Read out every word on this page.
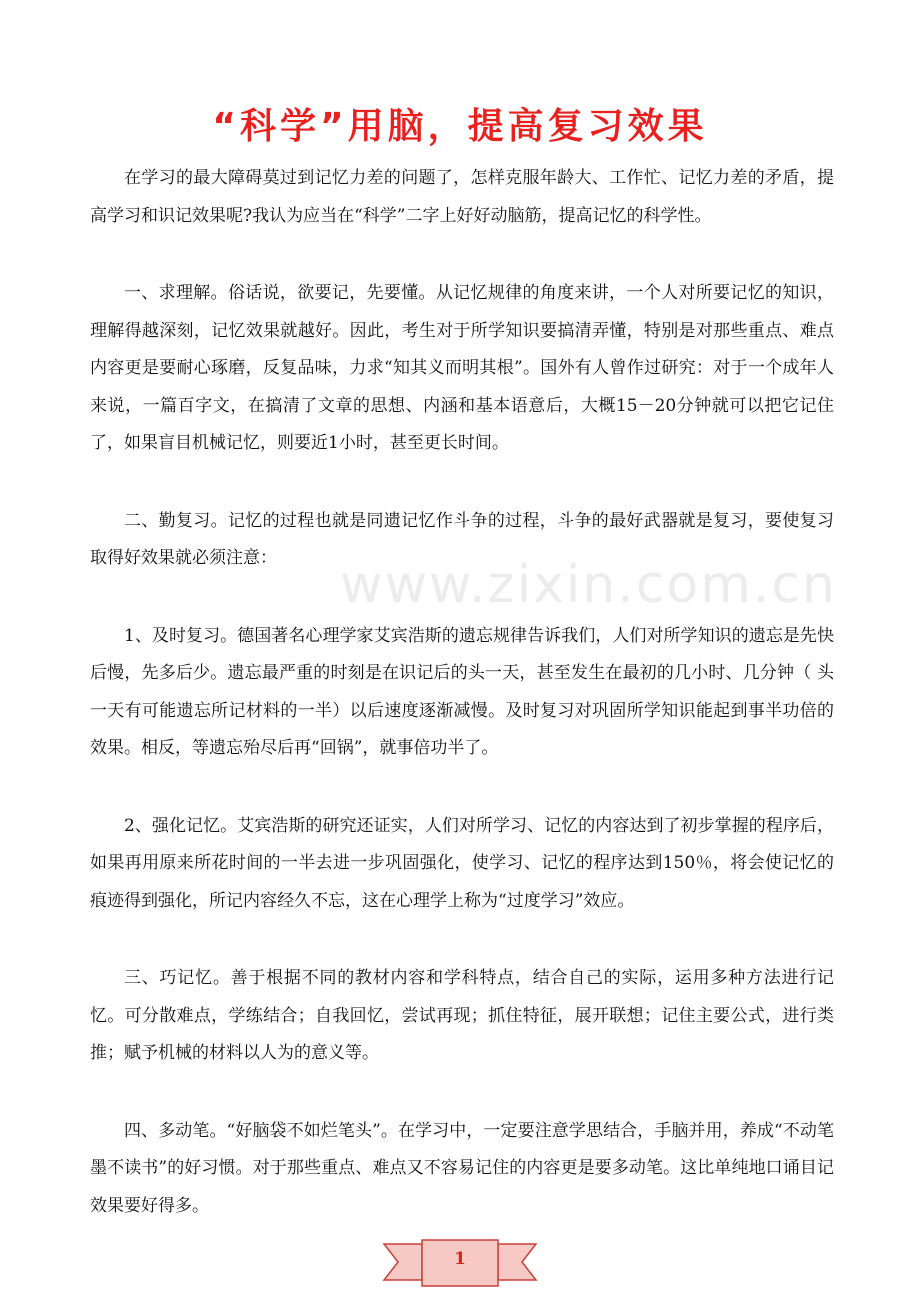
www.zixin.com.cn
“科学”用脑，提高复习效果

在学习的最大障碍莫过到记忆力差的问题了，怎样克服年龄大、工作忙、记忆力差的矛盾，提高学习和识记效果呢?我认为应当在“科学”二字上好好动脑筋，提高记忆的科学性。

一、求理解。俗话说，欲要记，先要懂。从记忆规律的角度来讲，一个人对所要记忆的知识，理解得越深刻，记忆效果就越好。因此，考生对于所学知识要搞清弄懂，特别是对那些重点、难点内容更是要耐心琢磨，反复品味，力求“知其义而明其根”。国外有人曾作过研究：对于一个成年人来说，一篇百字文，在搞清了文章的思想、内涵和基本语意后，大概15－20分钟就可以把它记住了，如果盲目机械记忆，则要近1小时，甚至更长时间。

二、勤复习。记忆的过程也就是同遗记忆作斗争的过程，斗争的最好武器就是复习，要使复习取得好效果就必须注意：

1、及时复习。德国著名心理学家艾宾浩斯的遗忘规律告诉我们，人们对所学知识的遗忘是先快后慢，先多后少。遗忘最严重的时刻是在识记后的头一天，甚至发生在最初的几小时、几分钟（ 头一天有可能遗忘所记材料的一半）以后速度逐渐减慢。及时复习对巩固所学知识能起到事半功倍的效果。相反，等遗忘殆尽后再“回锅”，就事倍功半了。

2、强化记忆。艾宾浩斯的研究还证实，人们对所学习、记忆的内容达到了初步掌握的程序后，如果再用原来所花时间的一半去进一步巩固强化，使学习、记忆的程序达到150％，将会使记忆的痕迹得到强化，所记内容经久不忘，这在心理学上称为“过度学习”效应。

三、巧记忆。善于根据不同的教材内容和学科特点，结合自己的实际，运用多种方法进行记忆。可分散难点，学练结合；自我回忆，尝试再现；抓住特征，展开联想；记住主要公式，进行类推；赋予机械的材料以人为的意义等。

四、多动笔。“好脑袋不如烂笔头”。在学习中，一定要注意学思结合，手脑并用，养成“不动笔墨不读书”的好习惯。对于那些重点、难点又不容易记住的内容更是要多动笔。这比单纯地口诵目记效果要好得多。

1
